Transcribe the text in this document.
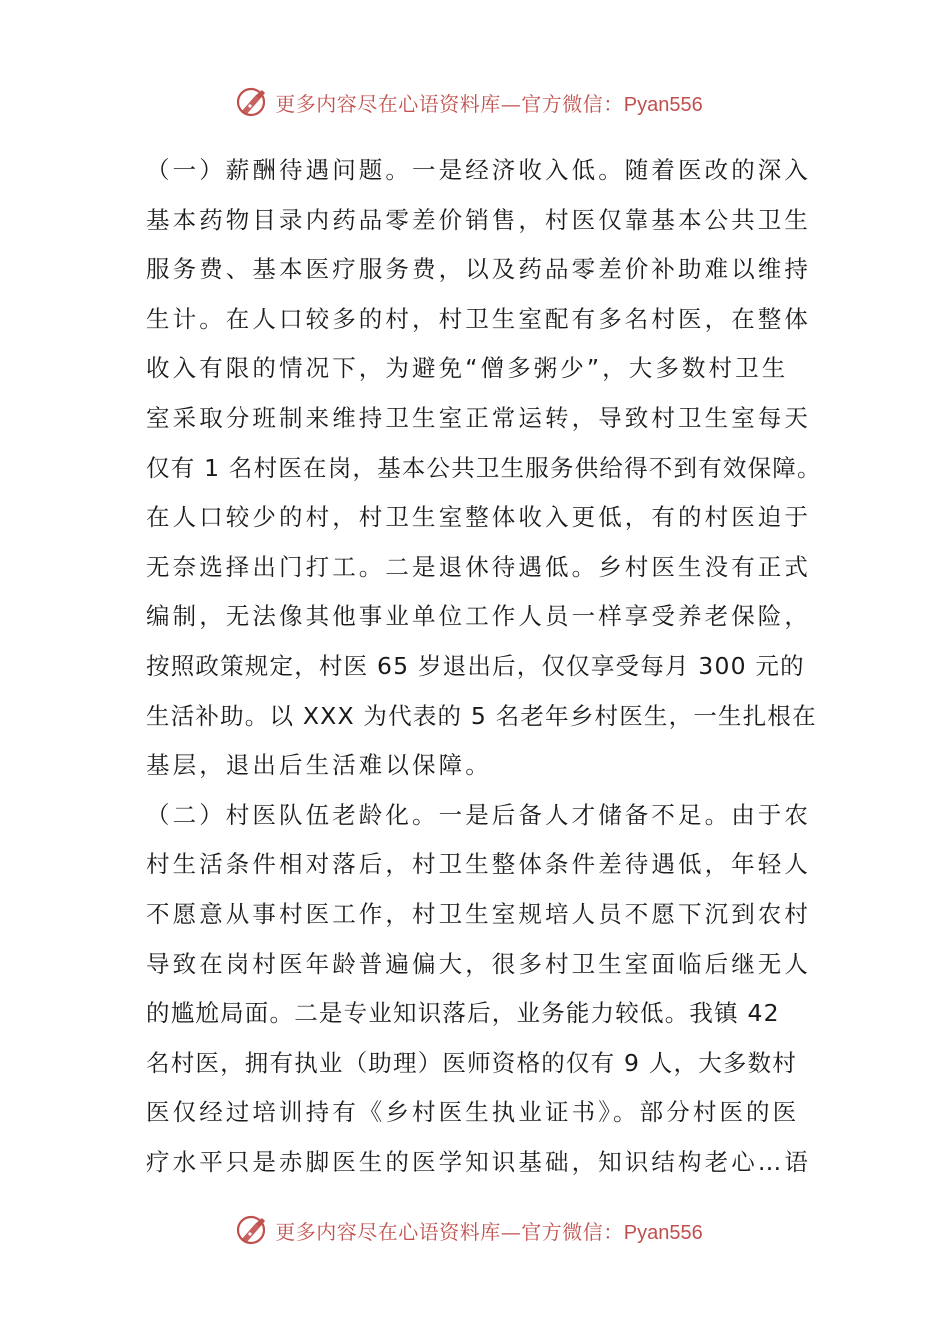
更多内容尽在心语资料库—官方微信：Pyan556
（一）薪酬待遇问题。一是经济收入低。随着医改的深入
基本药物目录内药品零差价销售，村医仅靠基本公共卫生
服务费、基本医疗服务费，以及药品零差价补助难以维持
生计。在人口较多的村，村卫生室配有多名村医，在整体
收入有限的情况下，为避免“僧多粥少”，大多数村卫生
室采取分班制来维持卫生室正常运转，导致村卫生室每天
仅有 1 名村医在岗，基本公共卫生服务供给得不到有效保障。
在人口较少的村，村卫生室整体收入更低，有的村医迫于
无奈选择出门打工。二是退休待遇低。乡村医生没有正式
编制，无法像其他事业单位工作人员一样享受养老保险，
按照政策规定，村医 65 岁退出后，仅仅享受每月 300 元的
生活补助。以 XXX 为代表的 5 名老年乡村医生，一生扎根在
基层，退出后生活难以保障。
（二）村医队伍老龄化。一是后备人才储备不足。由于农
村生活条件相对落后，村卫生整体条件差待遇低，年轻人
不愿意从事村医工作，村卫生室规培人员不愿下沉到农村
导致在岗村医年龄普遍偏大，很多村卫生室面临后继无人
的尴尬局面。二是专业知识落后，业务能力较低。我镇 42
名村医，拥有执业（助理）医师资格的仅有 9 人，大多数村
医仅经过培训持有《乡村医生执业证书》。部分村医的医
疗水平只是赤脚医生的医学知识基础，知识结构老心…语
更多内容尽在心语资料库—官方微信：Pyan556
